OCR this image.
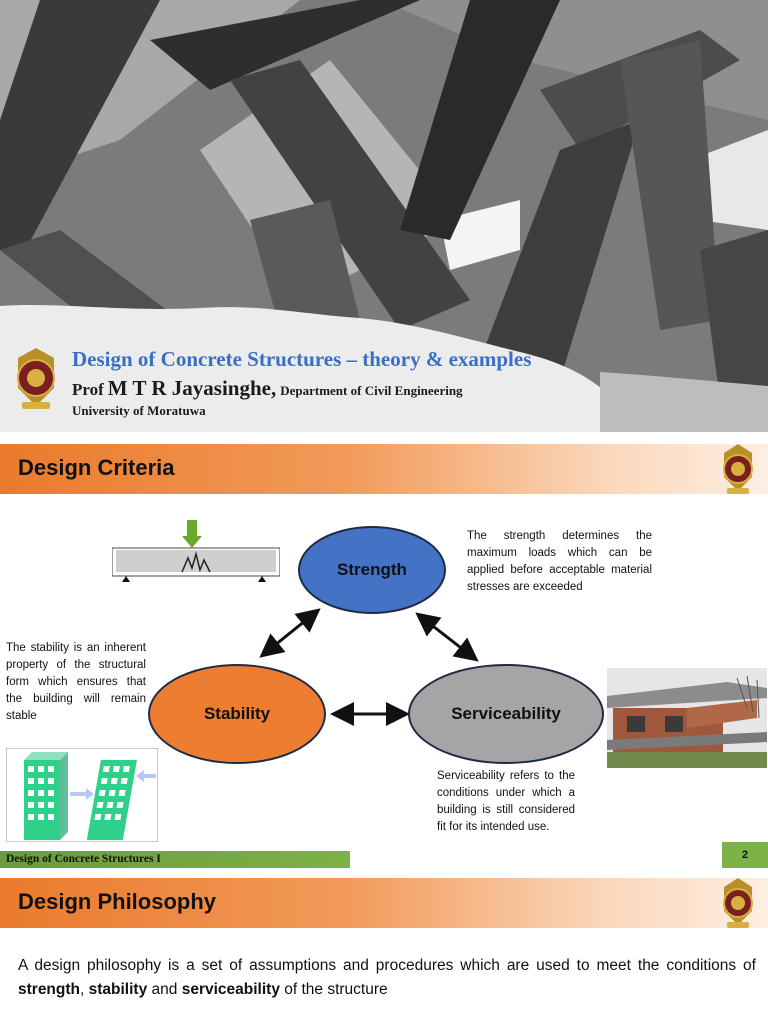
Design of Concrete Structures – theory & examples
Prof M T R Jayasinghe, Department of Civil Engineering
University of Moratuwa
Design Criteria
Strength
Stability	Serviceability
The strength determines the maximum loads which can be applied before acceptable material stresses are exceeded
The stability is an inherent property of the structural form which ensures that the building will remain stable
Serviceability refers to the conditions under which a building is still considered fit for its intended use.
Design of Concrete Structures I	2
Design Philosophy

A design philosophy is a set of assumptions and procedures which are used to meet the conditions of strength, stability and serviceability of the structure
